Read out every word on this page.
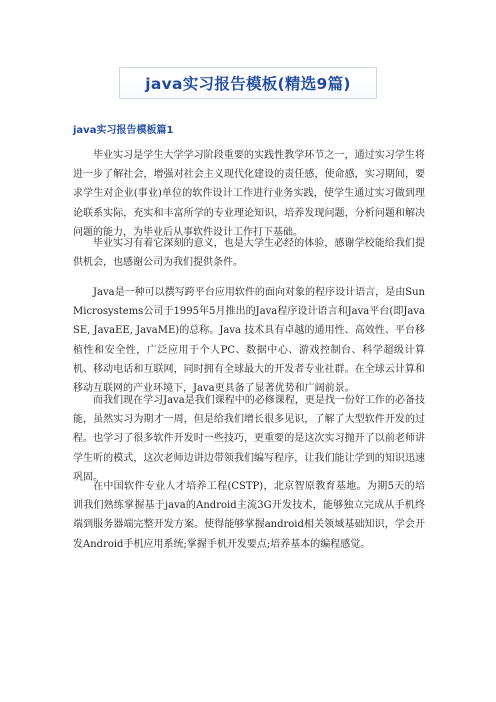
java实习报告模板(精选9篇)
java实习报告模板篇1

毕业实习是学生大学学习阶段重要的实践性教学环节之一，通过实习学生将进一步了解社会，增强对社会主义现代化建设的责任感，使命感，实习期间，要求学生对企业(事业)单位的软件设计工作进行业务实践，使学生通过实习做到理论联系实际，充实和丰富所学的专业理论知识，培养发现问题，分析问题和解决问题的能力，为毕业后从事软件设计工作打下基础。

毕业实习有着它深刻的意义，也是大学生必经的体验，感谢学校能给我们提供机会，也感谢公司为我们提供条件。

Java是一种可以撰写跨平台应用软件的面向对象的程序设计语言，是由Sun Microsystems公司于1995年5月推出的Java程序设计语言和Java平台(即JavaSE, JavaEE, JavaME)的总称。Java 技术具有卓越的通用性、高效性、平台移植性和安全性，广泛应用于个人PC、数据中心、游戏控制台、科学超级计算机、移动电话和互联网，同时拥有全球最大的开发者专业社群。在全球云计算和移动互联网的产业环境下，Java更具备了显著优势和广阔前景。

而我们现在学习Java是我们课程中的必修课程，更是找一份好工作的必备技能，虽然实习为期才一周，但是给我们增长很多见识，了解了大型软件开发的过程。也学习了很多软件开发时一些技巧，更重要的是这次实习抛开了以前老师讲学生听的模式，这次老师边讲边带领我们编写程序，让我们能让学到的知识迅速巩固。

在中国软件专业人才培养工程(CSTP)，北京智原教育基地。为期5天的培训我们熟练掌握基于java的Android主流3G开发技术，能够独立完成从手机终端到服务器端完整开发方案。使得能够掌握android相关领域基础知识，学会开发Android手机应用系统;掌握手机开发要点;培养基本的编程感觉。
